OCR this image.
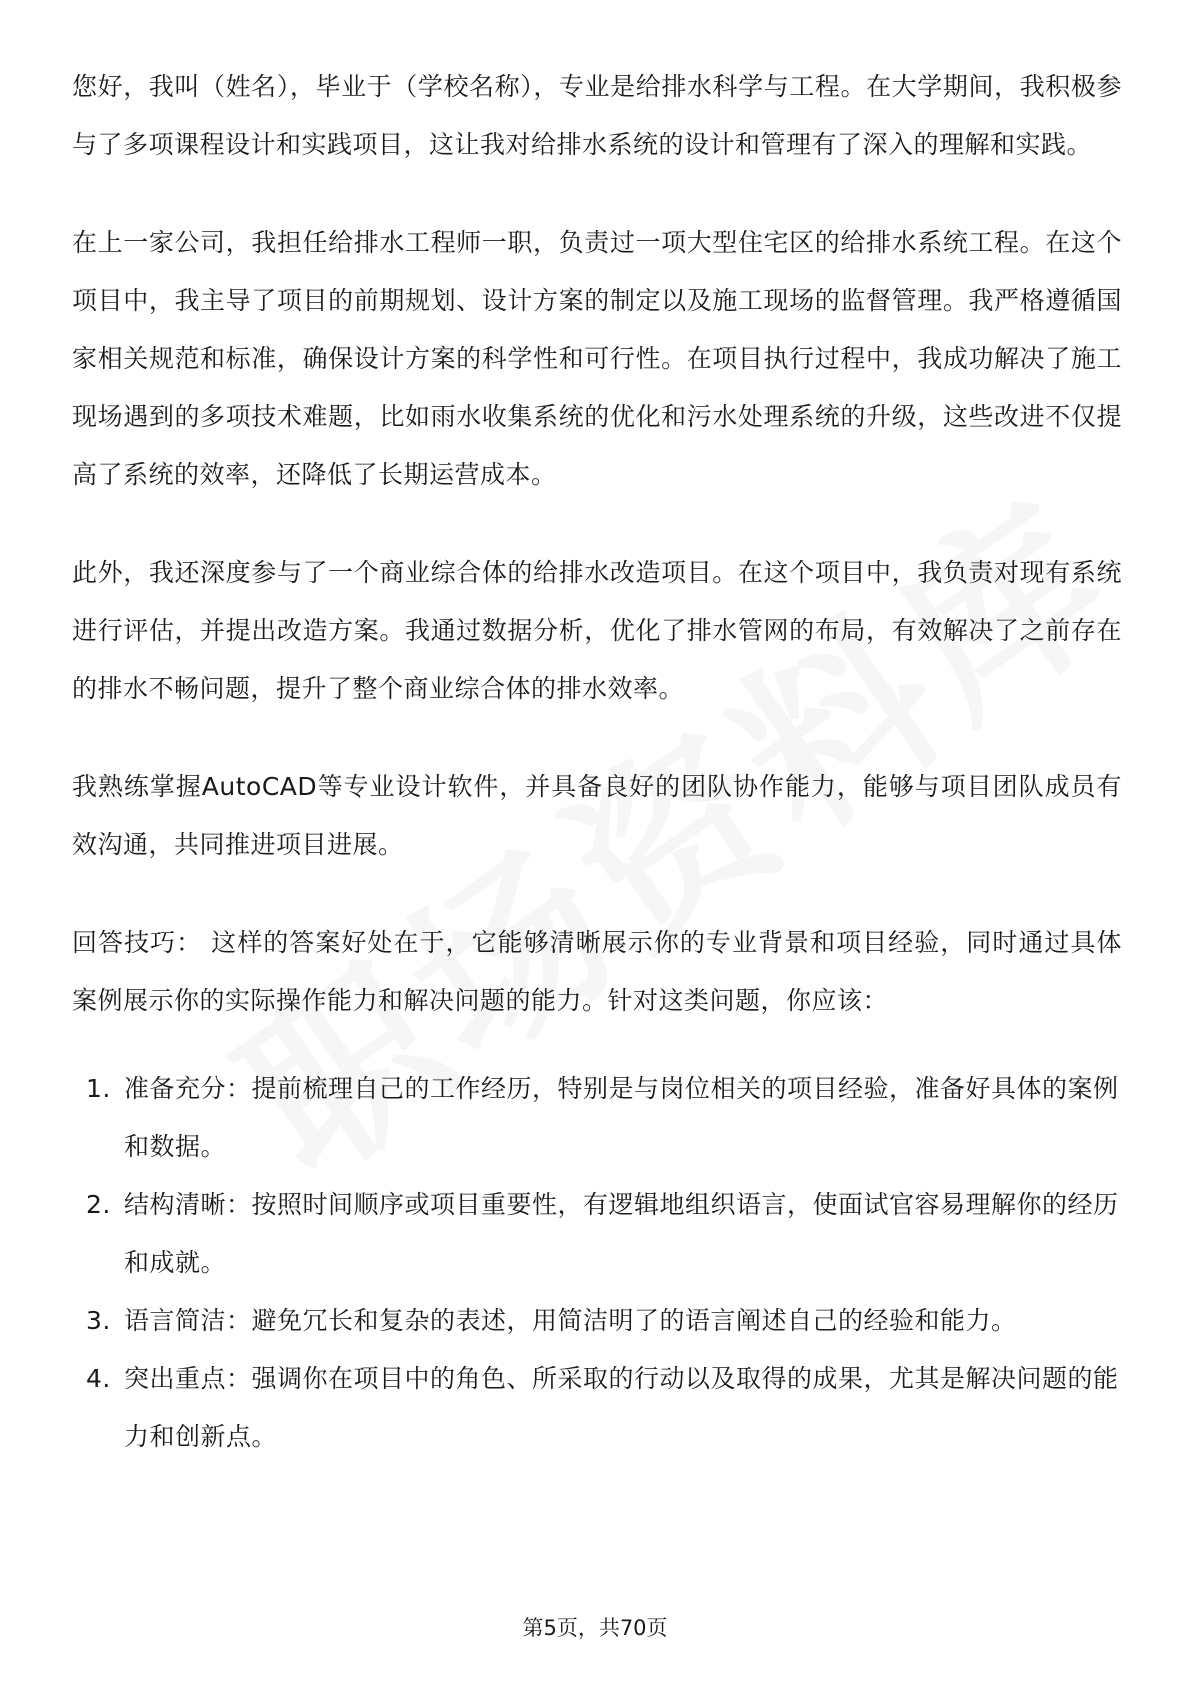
您好，我叫（姓名），毕业于（学校名称），专业是给排水科学与工程。在大学期间，我积极参与了多项课程设计和实践项目，这让我对给排水系统的设计和管理有了深入的理解和实践。

在上一家公司，我担任给排水工程师一职，负责过一项大型住宅区的给排水系统工程。在这个项目中，我主导了项目的前期规划、设计方案的制定以及施工现场的监督管理。我严格遵循国家相关规范和标准，确保设计方案的科学性和可行性。在项目执行过程中，我成功解决了施工现场遇到的多项技术难题，比如雨水收集系统的优化和污水处理系统的升级，这些改进不仅提高了系统的效率，还降低了长期运营成本。

此外，我还深度参与了一个商业综合体的给排水改造项目。在这个项目中，我负责对现有系统进行评估，并提出改造方案。我通过数据分析，优化了排水管网的布局，有效解决了之前存在的排水不畅问题，提升了整个商业综合体的排水效率。

我熟练掌握AutoCAD等专业设计软件，并具备良好的团队协作能力，能够与项目团队成员有效沟通，共同推进项目进展。

回答技巧： 这样的答案好处在于，它能够清晰展示你的专业背景和项目经验，同时通过具体案例展示你的实际操作能力和解决问题的能力。针对这类问题，你应该：

1. 准备充分：提前梳理自己的工作经历，特别是与岗位相关的项目经验，准备好具体的案例和数据。
2. 结构清晰：按照时间顺序或项目重要性，有逻辑地组织语言，使面试官容易理解你的经历和成就。
3. 语言简洁：避免冗长和复杂的表述，用简洁明了的语言阐述自己的经验和能力。
4. 突出重点：强调你在项目中的角色、所采取的行动以及取得的成果，尤其是解决问题的能力和创新点。
第5页，共70页
